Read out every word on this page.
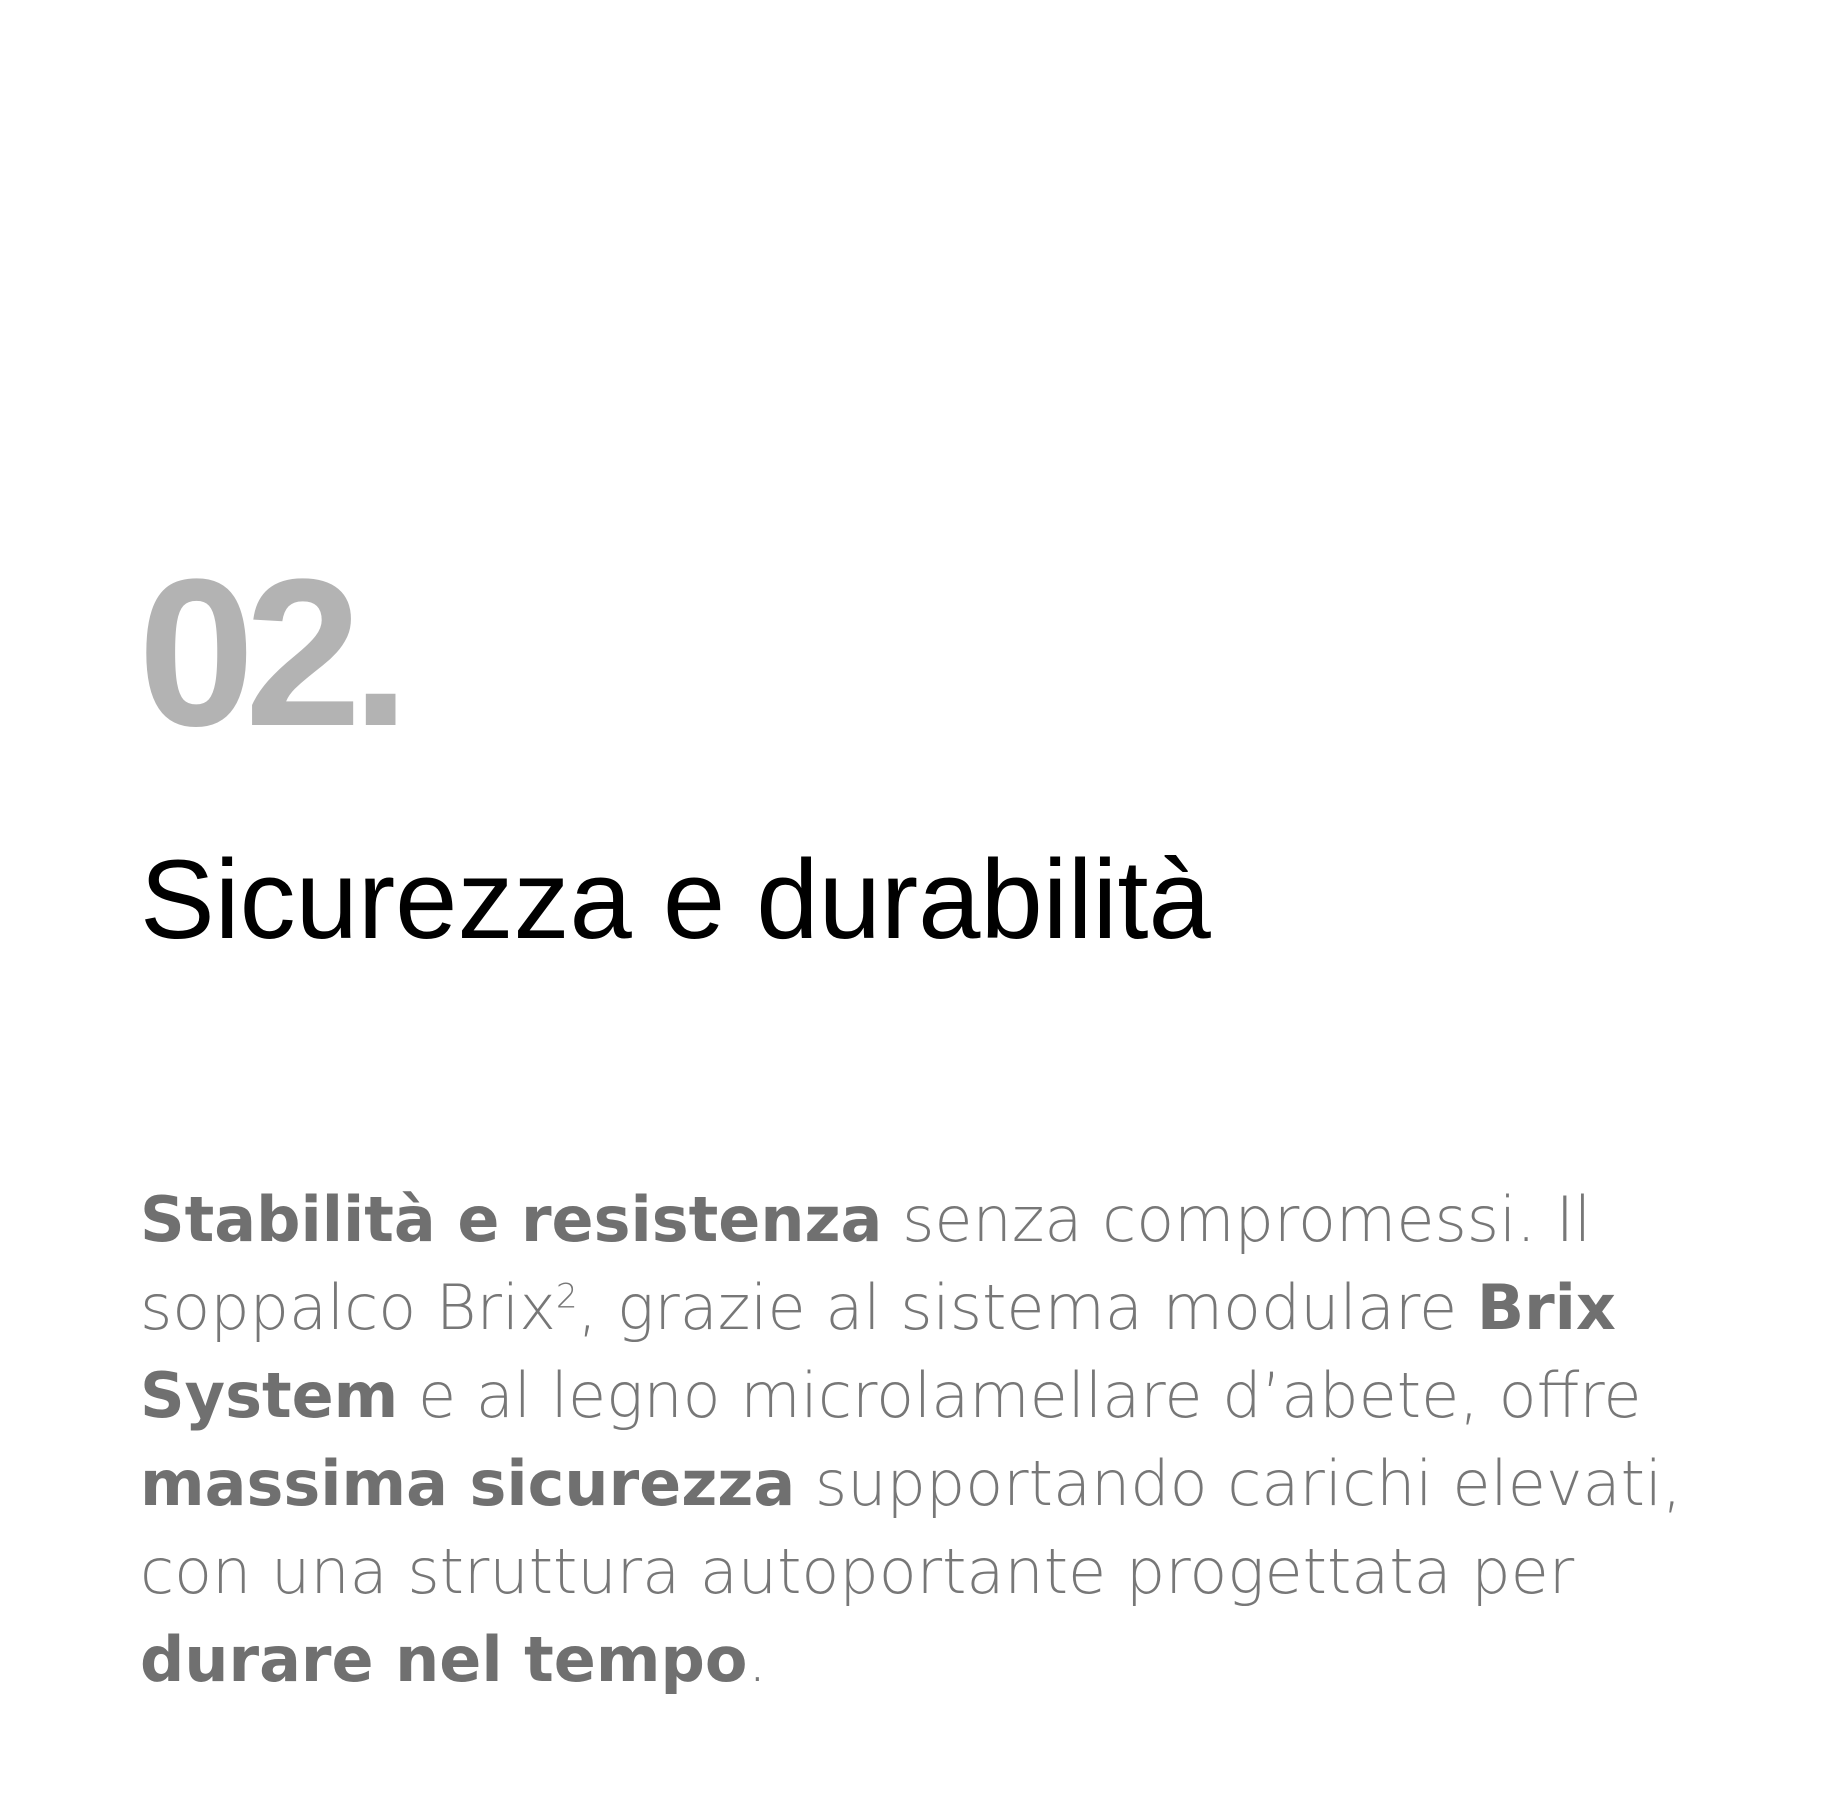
02.
Sicurezza e durabilità

Stabilità e resistenza senza compromessi. Il soppalco Brix$^2$, grazie al sistema modulare Brix System e al legno microlamellare d’abete, offre massima sicurezza supportando carichi elevati, con una struttura autoportante progettata per durare nel tempo.
